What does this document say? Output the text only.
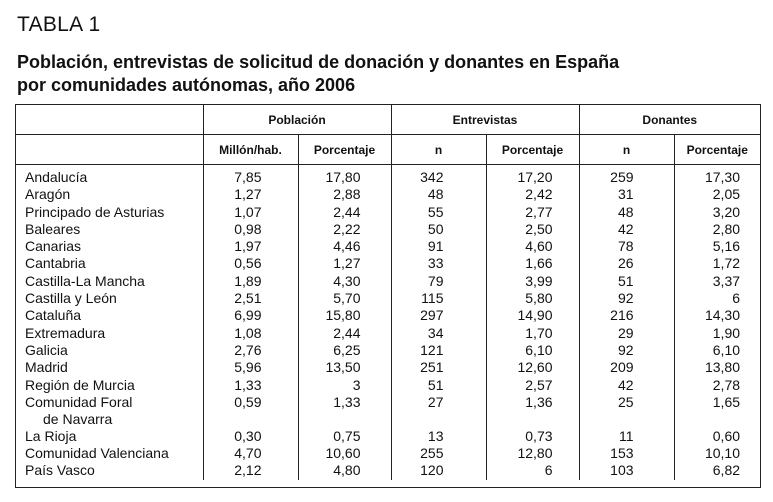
TABLA 1
Población, entrevistas de solicitud de donación y donantes en España
por comunidades autónomas, año 2006
	Población		Entrevistas		Donantes	
	Millón/hab.	Porcentaje	n	Porcentaje	n	Porcentaje

Andalucía	7,85	17,80	342	17,20	259	17,30

Aragón	1,27	2,88	48	2,42	31	2,05

Principado de Asturias	1,07	2,44	55	2,77	48	3,20

Baleares	0,98	2,22	50	2,50	42	2,80

Canarias	1,97	4,46	91	4,60	78	5,16

Cantabria	0,56	1,27	33	1,66	26	1,72

Castilla-La Mancha	1,89	4,30	79	3,99	51	3,37

Castilla y León	2,51	5,70	115	5,80	92	6

Cataluña	6,99	15,80	297	14,90	216	14,30

Extremadura	1,08	2,44	34	1,70	29	1,90

Galicia	2,76	6,25	121	6,10	92	6,10

Madrid	5,96	13,50	251	12,60	209	13,80

Región de Murcia	1,33	3	51	2,57	42	2,78

Comunidad Foral
de Navarra	0,59	1,33	27	1,36	25	1,65

La Rioja	0,30	0,75	13	0,73	11	0,60

Comunidad Valenciana	4,70	10,60	255	12,80	153	10,10

País Vasco	2,12	4,80	120	6	103	6,82
